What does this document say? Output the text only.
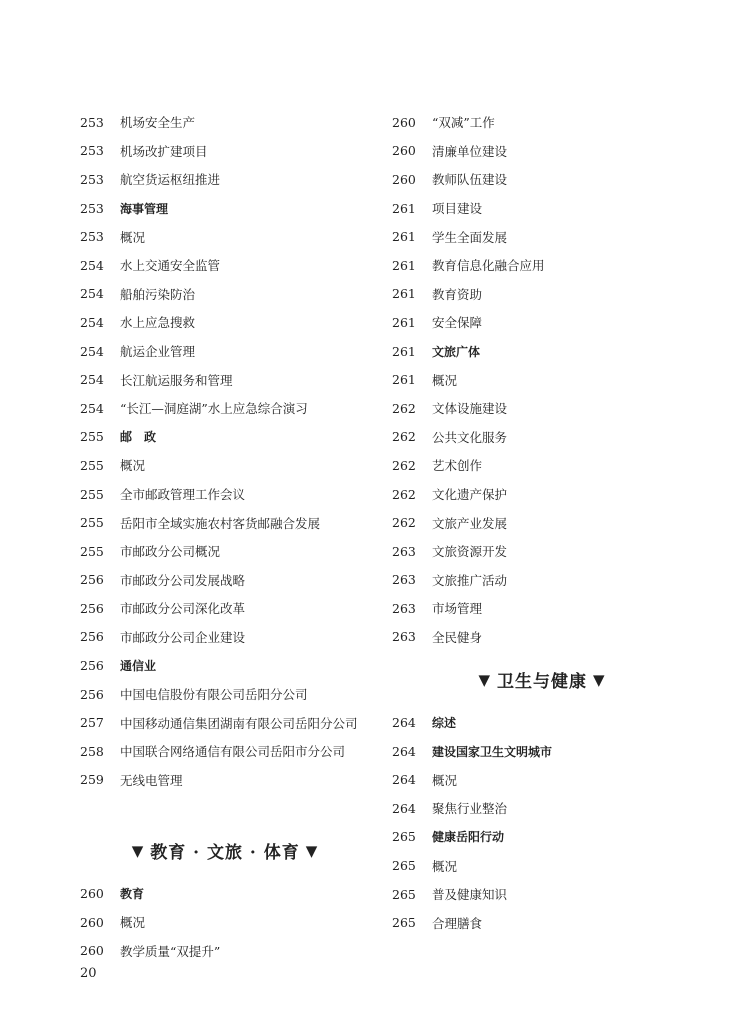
253	机场安全生产
253	机场改扩建项目
253	航空货运枢纽推进
253	海事管理
253	概况
254	水上交通安全监管
254	船舶污染防治
254	水上应急搜救
254	航运企业管理
254	长江航运服务和管理
254	“长江—洞庭湖”水上应急综合演习
255	邮　政
255	概况
255	全市邮政管理工作会议
255	岳阳市全域实施农村客货邮融合发展
255	市邮政分公司概况
256	市邮政分公司发展战略
256	市邮政分公司深化改革
256	市邮政分公司企业建设
256	通信业
256	中国电信股份有限公司岳阳分公司
257	中国移动通信集团湖南有限公司岳阳分公司
258	中国联合网络通信有限公司岳阳市分公司
259	无线电管理
▼ 教育 · 文旅 · 体育 ▼
260	教育
260	概况
260	教学质量“双提升”
260	“双减”工作
260	清廉单位建设
260	教师队伍建设
261	项目建设
261	学生全面发展
261	教育信息化融合应用
261	教育资助
261	安全保障
261	文旅广体
261	概况
262	文体设施建设
262	公共文化服务
262	艺术创作
262	文化遗产保护
262	文旅产业发展
263	文旅资源开发
263	文旅推广活动
263	市场管理
263	全民健身
▼ 卫生与健康 ▼
264	综述
264	建设国家卫生文明城市
264	概况
264	聚焦行业整治
265	健康岳阳行动
265	概况
265	普及健康知识
265	合理膳食
20
